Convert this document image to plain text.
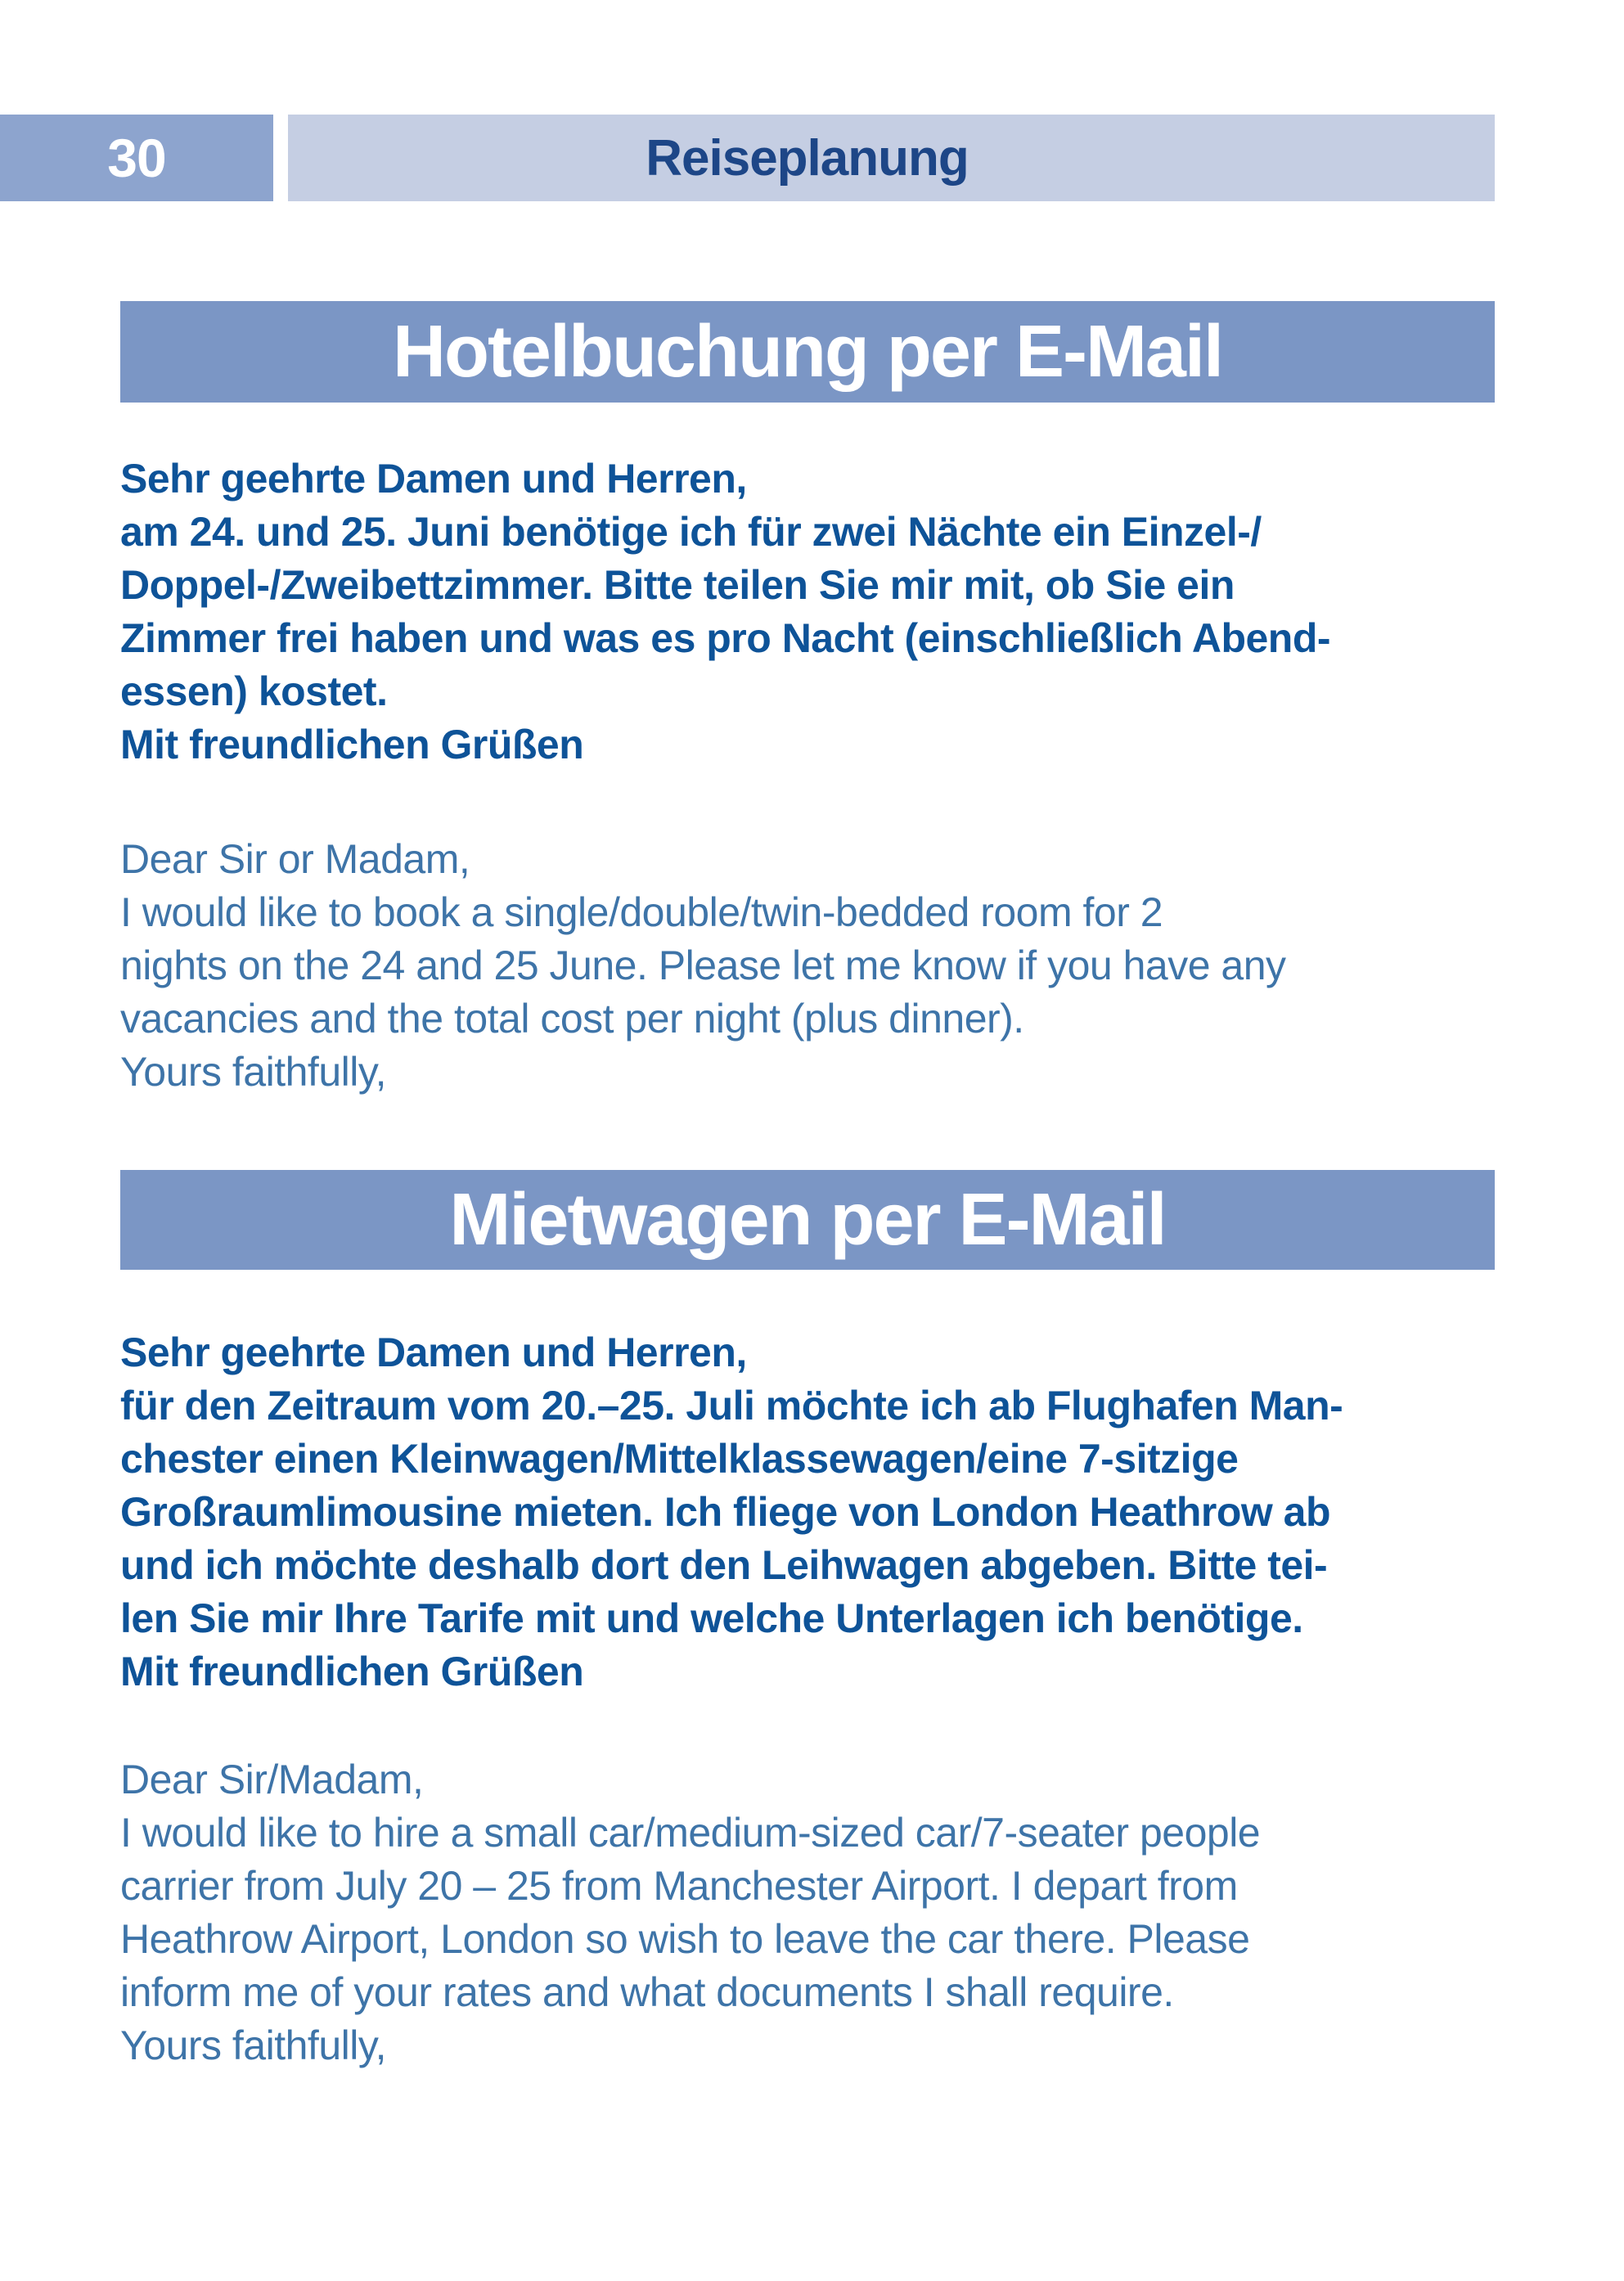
30	Reiseplanung
Hotelbuchung per E-Mail
Sehr geehrte Damen und Herren,
am 24. und 25. Juni benötige ich für zwei Nächte ein Einzel-/
Doppel-/Zweibettzimmer. Bitte teilen Sie mir mit, ob Sie ein
Zimmer frei haben und was es pro Nacht (einschließlich Abend-
essen) kostet.
Mit freundlichen Grüßen
Dear Sir or Madam,
I would like to book a single/double/twin-bedded room for 2
nights on the 24 and 25 June. Please let me know if you have any
vacancies and the total cost per night (plus dinner).
Yours faithfully,
Mietwagen per E-Mail
Sehr geehrte Damen und Herren,
für den Zeitraum vom 20.–25. Juli möchte ich ab Flughafen Man-
chester einen Kleinwagen/Mittelklassewagen/eine 7-sitzige
Großraumlimousine mieten. Ich fliege von London Heathrow ab
und ich möchte deshalb dort den Leihwagen abgeben. Bitte tei-
len Sie mir Ihre Tarife mit und welche Unterlagen ich benötige.
Mit freundlichen Grüßen
Dear Sir/Madam,
I would like to hire a small car/medium-sized car/7-seater people
carrier from July 20 – 25 from Manchester Airport. I depart from
Heathrow Airport, London so wish to leave the car there. Please
inform me of your rates and what documents I shall require.
Yours faithfully,
